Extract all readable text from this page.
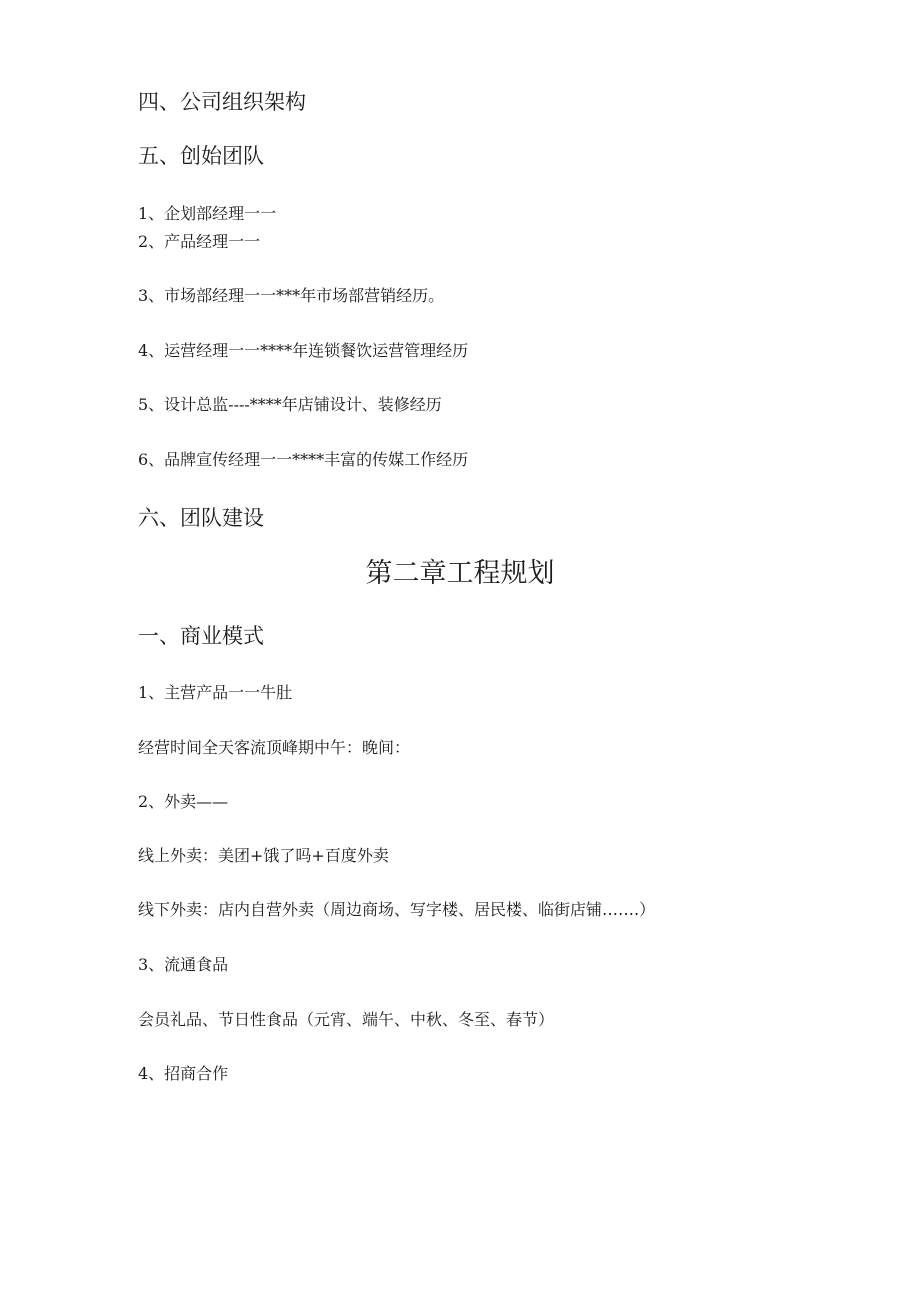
四、公司组织架构
五、创始团队
1、企划部经理一一
2、产品经理一一
3、市场部经理一一***年市场部营销经历。
4、运营经理一一****年连锁餐饮运营管理经历
5、设计总监----****年店铺设计、装修经历
6、品牌宣传经理一一****丰富的传媒工作经历
六、团队建设
第二章工程规划
一、商业模式
1、主营产品一一牛肚
经营时间全天客流顶峰期中午：晚间：
2、外卖——
线上外卖：美团+饿了吗+百度外卖
线下外卖：店内自营外卖（周边商场、写字楼、居民楼、临街店铺…….）
3、流通食品
会员礼品、节日性食品（元宵、端午、中秋、冬至、春节）
4、招商合作
